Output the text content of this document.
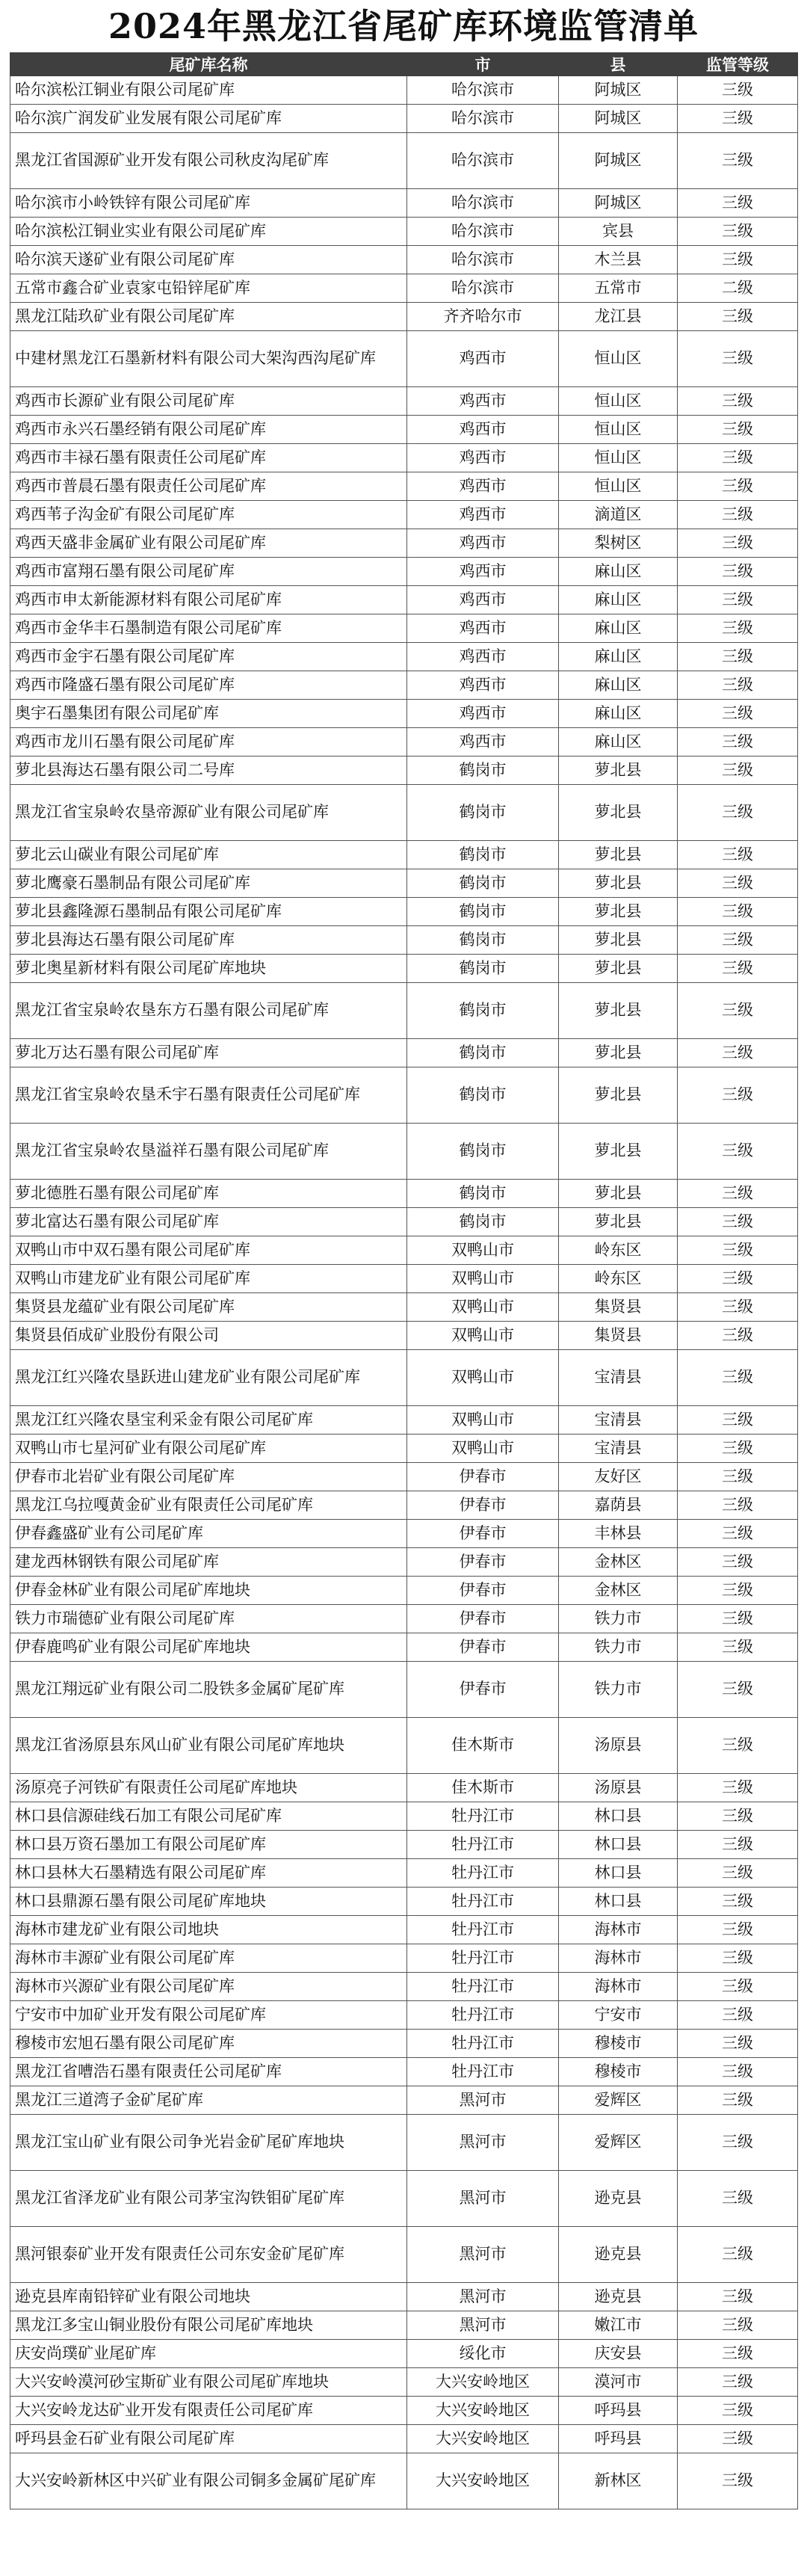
2024年黑龙江省尾矿库环境监管清单
尾矿库名称	市	县	监管等级
哈尔滨松江铜业有限公司尾矿库	哈尔滨市	阿城区	三级
哈尔滨广润发矿业发展有限公司尾矿库	哈尔滨市	阿城区	三级
黑龙江省国源矿业开发有限公司秋皮沟尾矿库	哈尔滨市	阿城区	三级
哈尔滨市小岭铁锌有限公司尾矿库	哈尔滨市	阿城区	三级
哈尔滨松江铜业实业有限公司尾矿库	哈尔滨市	宾县	三级
哈尔滨天遂矿业有限公司尾矿库	哈尔滨市	木兰县	三级
五常市鑫合矿业袁家屯铅锌尾矿库	哈尔滨市	五常市	二级
黑龙江陆玖矿业有限公司尾矿库	齐齐哈尔市	龙江县	三级
中建材黑龙江石墨新材料有限公司大架沟西沟尾矿库	鸡西市	恒山区	三级
鸡西市长源矿业有限公司尾矿库	鸡西市	恒山区	三级
鸡西市永兴石墨经销有限公司尾矿库	鸡西市	恒山区	三级
鸡西市丰禄石墨有限责任公司尾矿库	鸡西市	恒山区	三级
鸡西市普晨石墨有限责任公司尾矿库	鸡西市	恒山区	三级
鸡西苇子沟金矿有限公司尾矿库	鸡西市	滴道区	三级
鸡西天盛非金属矿业有限公司尾矿库	鸡西市	梨树区	三级
鸡西市富翔石墨有限公司尾矿库	鸡西市	麻山区	三级
鸡西市申太新能源材料有限公司尾矿库	鸡西市	麻山区	三级
鸡西市金华丰石墨制造有限公司尾矿库	鸡西市	麻山区	三级
鸡西市金宇石墨有限公司尾矿库	鸡西市	麻山区	三级
鸡西市隆盛石墨有限公司尾矿库	鸡西市	麻山区	三级
奥宇石墨集团有限公司尾矿库	鸡西市	麻山区	三级
鸡西市龙川石墨有限公司尾矿库	鸡西市	麻山区	三级
萝北县海达石墨有限公司二号库	鹤岗市	萝北县	三级
黑龙江省宝泉岭农垦帝源矿业有限公司尾矿库	鹤岗市	萝北县	三级
萝北云山碳业有限公司尾矿库	鹤岗市	萝北县	三级
萝北鹰豪石墨制品有限公司尾矿库	鹤岗市	萝北县	三级
萝北县鑫隆源石墨制品有限公司尾矿库	鹤岗市	萝北县	三级
萝北县海达石墨有限公司尾矿库	鹤岗市	萝北县	三级
萝北奥星新材料有限公司尾矿库地块	鹤岗市	萝北县	三级
黑龙江省宝泉岭农垦东方石墨有限公司尾矿库	鹤岗市	萝北县	三级
萝北万达石墨有限公司尾矿库	鹤岗市	萝北县	三级
黑龙江省宝泉岭农垦禾宇石墨有限责任公司尾矿库	鹤岗市	萝北县	三级
黑龙江省宝泉岭农垦溢祥石墨有限公司尾矿库	鹤岗市	萝北县	三级
萝北德胜石墨有限公司尾矿库	鹤岗市	萝北县	三级
萝北富达石墨有限公司尾矿库	鹤岗市	萝北县	三级
双鸭山市中双石墨有限公司尾矿库	双鸭山市	岭东区	三级
双鸭山市建龙矿业有限公司尾矿库	双鸭山市	岭东区	三级
集贤县龙蕴矿业有限公司尾矿库	双鸭山市	集贤县	三级
集贤县佰成矿业股份有限公司	双鸭山市	集贤县	三级
黑龙江红兴隆农垦跃进山建龙矿业有限公司尾矿库	双鸭山市	宝清县	三级
黑龙江红兴隆农垦宝利采金有限公司尾矿库	双鸭山市	宝清县	三级
双鸭山市七星河矿业有限公司尾矿库	双鸭山市	宝清县	三级
伊春市北岩矿业有限公司尾矿库	伊春市	友好区	三级
黑龙江乌拉嘎黄金矿业有限责任公司尾矿库	伊春市	嘉荫县	三级
伊春鑫盛矿业有公司尾矿库	伊春市	丰林县	三级
建龙西林钢铁有限公司尾矿库	伊春市	金林区	三级
伊春金林矿业有限公司尾矿库地块	伊春市	金林区	三级
铁力市瑞德矿业有限公司尾矿库	伊春市	铁力市	三级
伊春鹿鸣矿业有限公司尾矿库地块	伊春市	铁力市	三级
黑龙江翔远矿业有限公司二股铁多金属矿尾矿库	伊春市	铁力市	三级
黑龙江省汤原县东风山矿业有限公司尾矿库地块	佳木斯市	汤原县	三级
汤原亮子河铁矿有限责任公司尾矿库地块	佳木斯市	汤原县	三级
林口县信源硅线石加工有限公司尾矿库	牡丹江市	林口县	三级
林口县万资石墨加工有限公司尾矿库	牡丹江市	林口县	三级
林口县林大石墨精选有限公司尾矿库	牡丹江市	林口县	三级
林口县鼎源石墨有限公司尾矿库地块	牡丹江市	林口县	三级
海林市建龙矿业有限公司地块	牡丹江市	海林市	三级
海林市丰源矿业有限公司尾矿库	牡丹江市	海林市	三级
海林市兴源矿业有限公司尾矿库	牡丹江市	海林市	三级
宁安市中加矿业开发有限公司尾矿库	牡丹江市	宁安市	三级
穆棱市宏旭石墨有限公司尾矿库	牡丹江市	穆棱市	三级
黑龙江省嘈浩石墨有限责任公司尾矿库	牡丹江市	穆棱市	三级
黑龙江三道湾子金矿尾矿库	黑河市	爱辉区	三级
黑龙江宝山矿业有限公司争光岩金矿尾矿库地块	黑河市	爱辉区	三级
黑龙江省泽龙矿业有限公司茅宝沟铁钼矿尾矿库	黑河市	逊克县	三级
黑河银泰矿业开发有限责任公司东安金矿尾矿库	黑河市	逊克县	三级
逊克县库南铅锌矿业有限公司地块	黑河市	逊克县	三级
黑龙江多宝山铜业股份有限公司尾矿库地块	黑河市	嫩江市	三级
庆安尚璞矿业尾矿库	绥化市	庆安县	三级
大兴安岭漠河砂宝斯矿业有限公司尾矿库地块	大兴安岭地区	漠河市	三级
大兴安岭龙达矿业开发有限责任公司尾矿库	大兴安岭地区	呼玛县	三级
呼玛县金石矿业有限公司尾矿库	大兴安岭地区	呼玛县	三级
大兴安岭新林区中兴矿业有限公司铜多金属矿尾矿库	大兴安岭地区	新林区	三级
